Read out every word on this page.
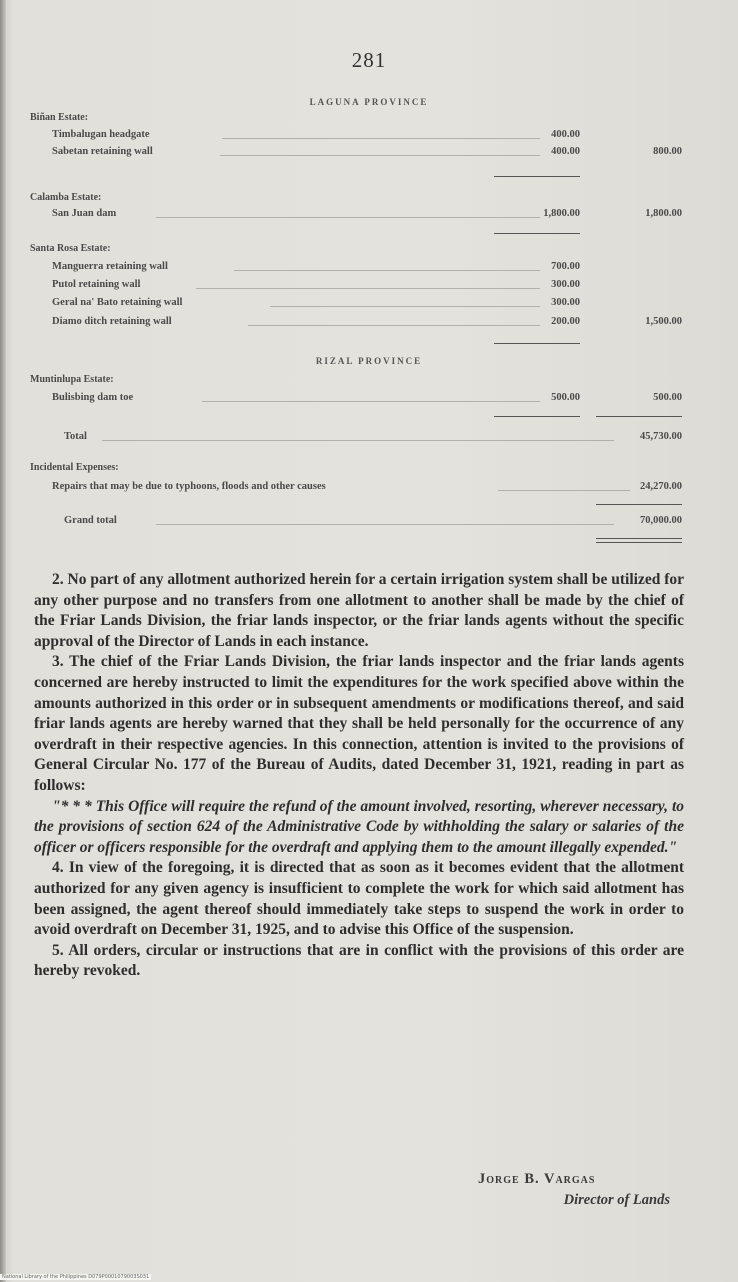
281
LAGUNA PROVINCE
Biñan Estate:
Timbalugan headgate	400.00
Sabetan retaining wall	400.00	800.00
Calamba Estate:
San Juan dam	1,800.00	1,800.00
Santa Rosa Estate:
Manguerra retaining wall	700.00
Putol retaining wall	300.00
Geral na' Bato retaining wall	300.00
Diamo ditch retaining wall	200.00	1,500.00
RIZAL PROVINCE
Muntinlupa Estate:
Bulisbing dam toe	500.00	500.00
Total	45,730.00
Incidental Expenses:
Repairs that may be due to typhoons, floods and other causes	24,270.00
Grand total	70,000.00

2. No part of any allotment authorized herein for a certain irrigation system shall be utilized for any other purpose and no transfers from one allotment to another shall be made by the chief of the Friar Lands Division, the friar lands inspector, or the friar lands agents without the specific approval of the Director of Lands in each instance.

3. The chief of the Friar Lands Division, the friar lands inspector and the friar lands agents concerned are hereby instructed to limit the expenditures for the work specified above within the amounts authorized in this order or in subsequent amendments or modifications thereof, and said friar lands agents are hereby warned that they shall be held personally for the occurrence of any overdraft in their respective agencies. In this connection, attention is invited to the provisions of General Circular No. 177 of the Bureau of Audits, dated December 31, 1921, reading in part as follows:

"* * * This Office will require the refund of the amount involved, resorting, wherever necessary, to the provisions of section 624 of the Administrative Code by withholding the salary or salaries of the officer or officers responsible for the overdraft and applying them to the amount illegally expended."

4. In view of the foregoing, it is directed that as soon as it becomes evident that the allotment authorized for any given agency is insufficient to complete the work for which said allotment has been assigned, the agent thereof should immediately take steps to suspend the work in order to avoid overdraft on December 31, 1925, and to advise this Office of the suspension.

5. All orders, circular or instructions that are in conflict with the provisions of this order are hereby revoked.

Jorge B. Vargas
Director of Lands
National Library of the Philippines D079P0001079003S031
